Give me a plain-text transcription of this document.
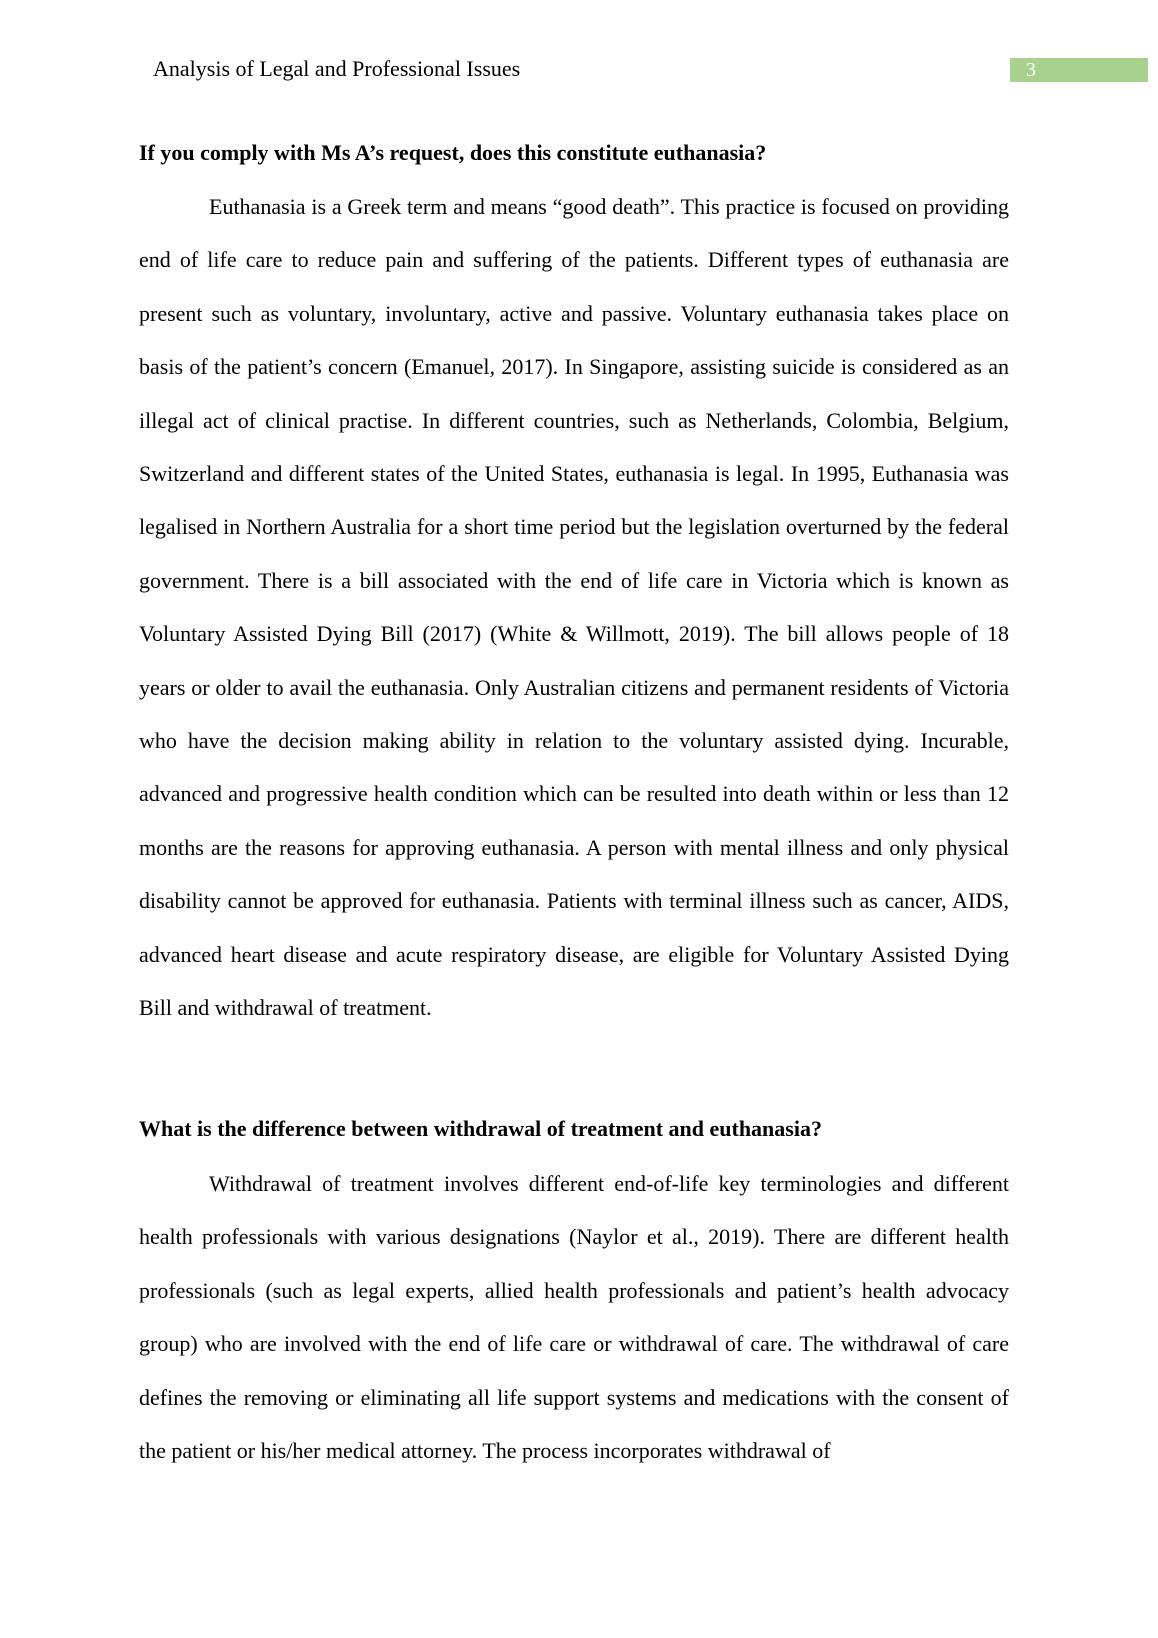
Analysis of Legal and Professional Issues	3
If you comply with Ms A’s request, does this constitute euthanasia?

Euthanasia is a Greek term and means “good death”. This practice is focused on providing end of life care to reduce pain and suffering of the patients. Different types of euthanasia are present such as voluntary, involuntary, active and passive. Voluntary euthanasia takes place on basis of the patient’s concern (Emanuel, 2017). In Singapore, assisting suicide is considered as an illegal act of clinical practise. In different countries, such as Netherlands, Colombia, Belgium, Switzerland and different states of the United States, euthanasia is legal. In 1995, Euthanasia was legalised in Northern Australia for a short time period but the legislation overturned by the federal government. There is a bill associated with the end of life care in Victoria which is known as Voluntary Assisted Dying Bill (2017) (White & Willmott, 2019). The bill allows people of 18 years or older to avail the euthanasia. Only Australian citizens and permanent residents of Victoria who have the decision making ability in relation to the voluntary assisted dying. Incurable, advanced and progressive health condition which can be resulted into death within or less than 12 months are the reasons for approving euthanasia. A person with mental illness and only physical disability cannot be approved for euthanasia. Patients with terminal illness such as cancer, AIDS, advanced heart disease and acute respiratory disease, are eligible for Voluntary Assisted Dying Bill and withdrawal of treatment.

What is the difference between withdrawal of treatment and euthanasia?

Withdrawal of treatment involves different end-of-life key terminologies and different health professionals with various designations (Naylor et al., 2019). There are different health professionals (such as legal experts, allied health professionals and patient’s health advocacy group) who are involved with the end of life care or withdrawal of care. The withdrawal of care defines the removing or eliminating all life support systems and medications with the consent of the patient or his/her medical attorney. The process incorporates withdrawal of
